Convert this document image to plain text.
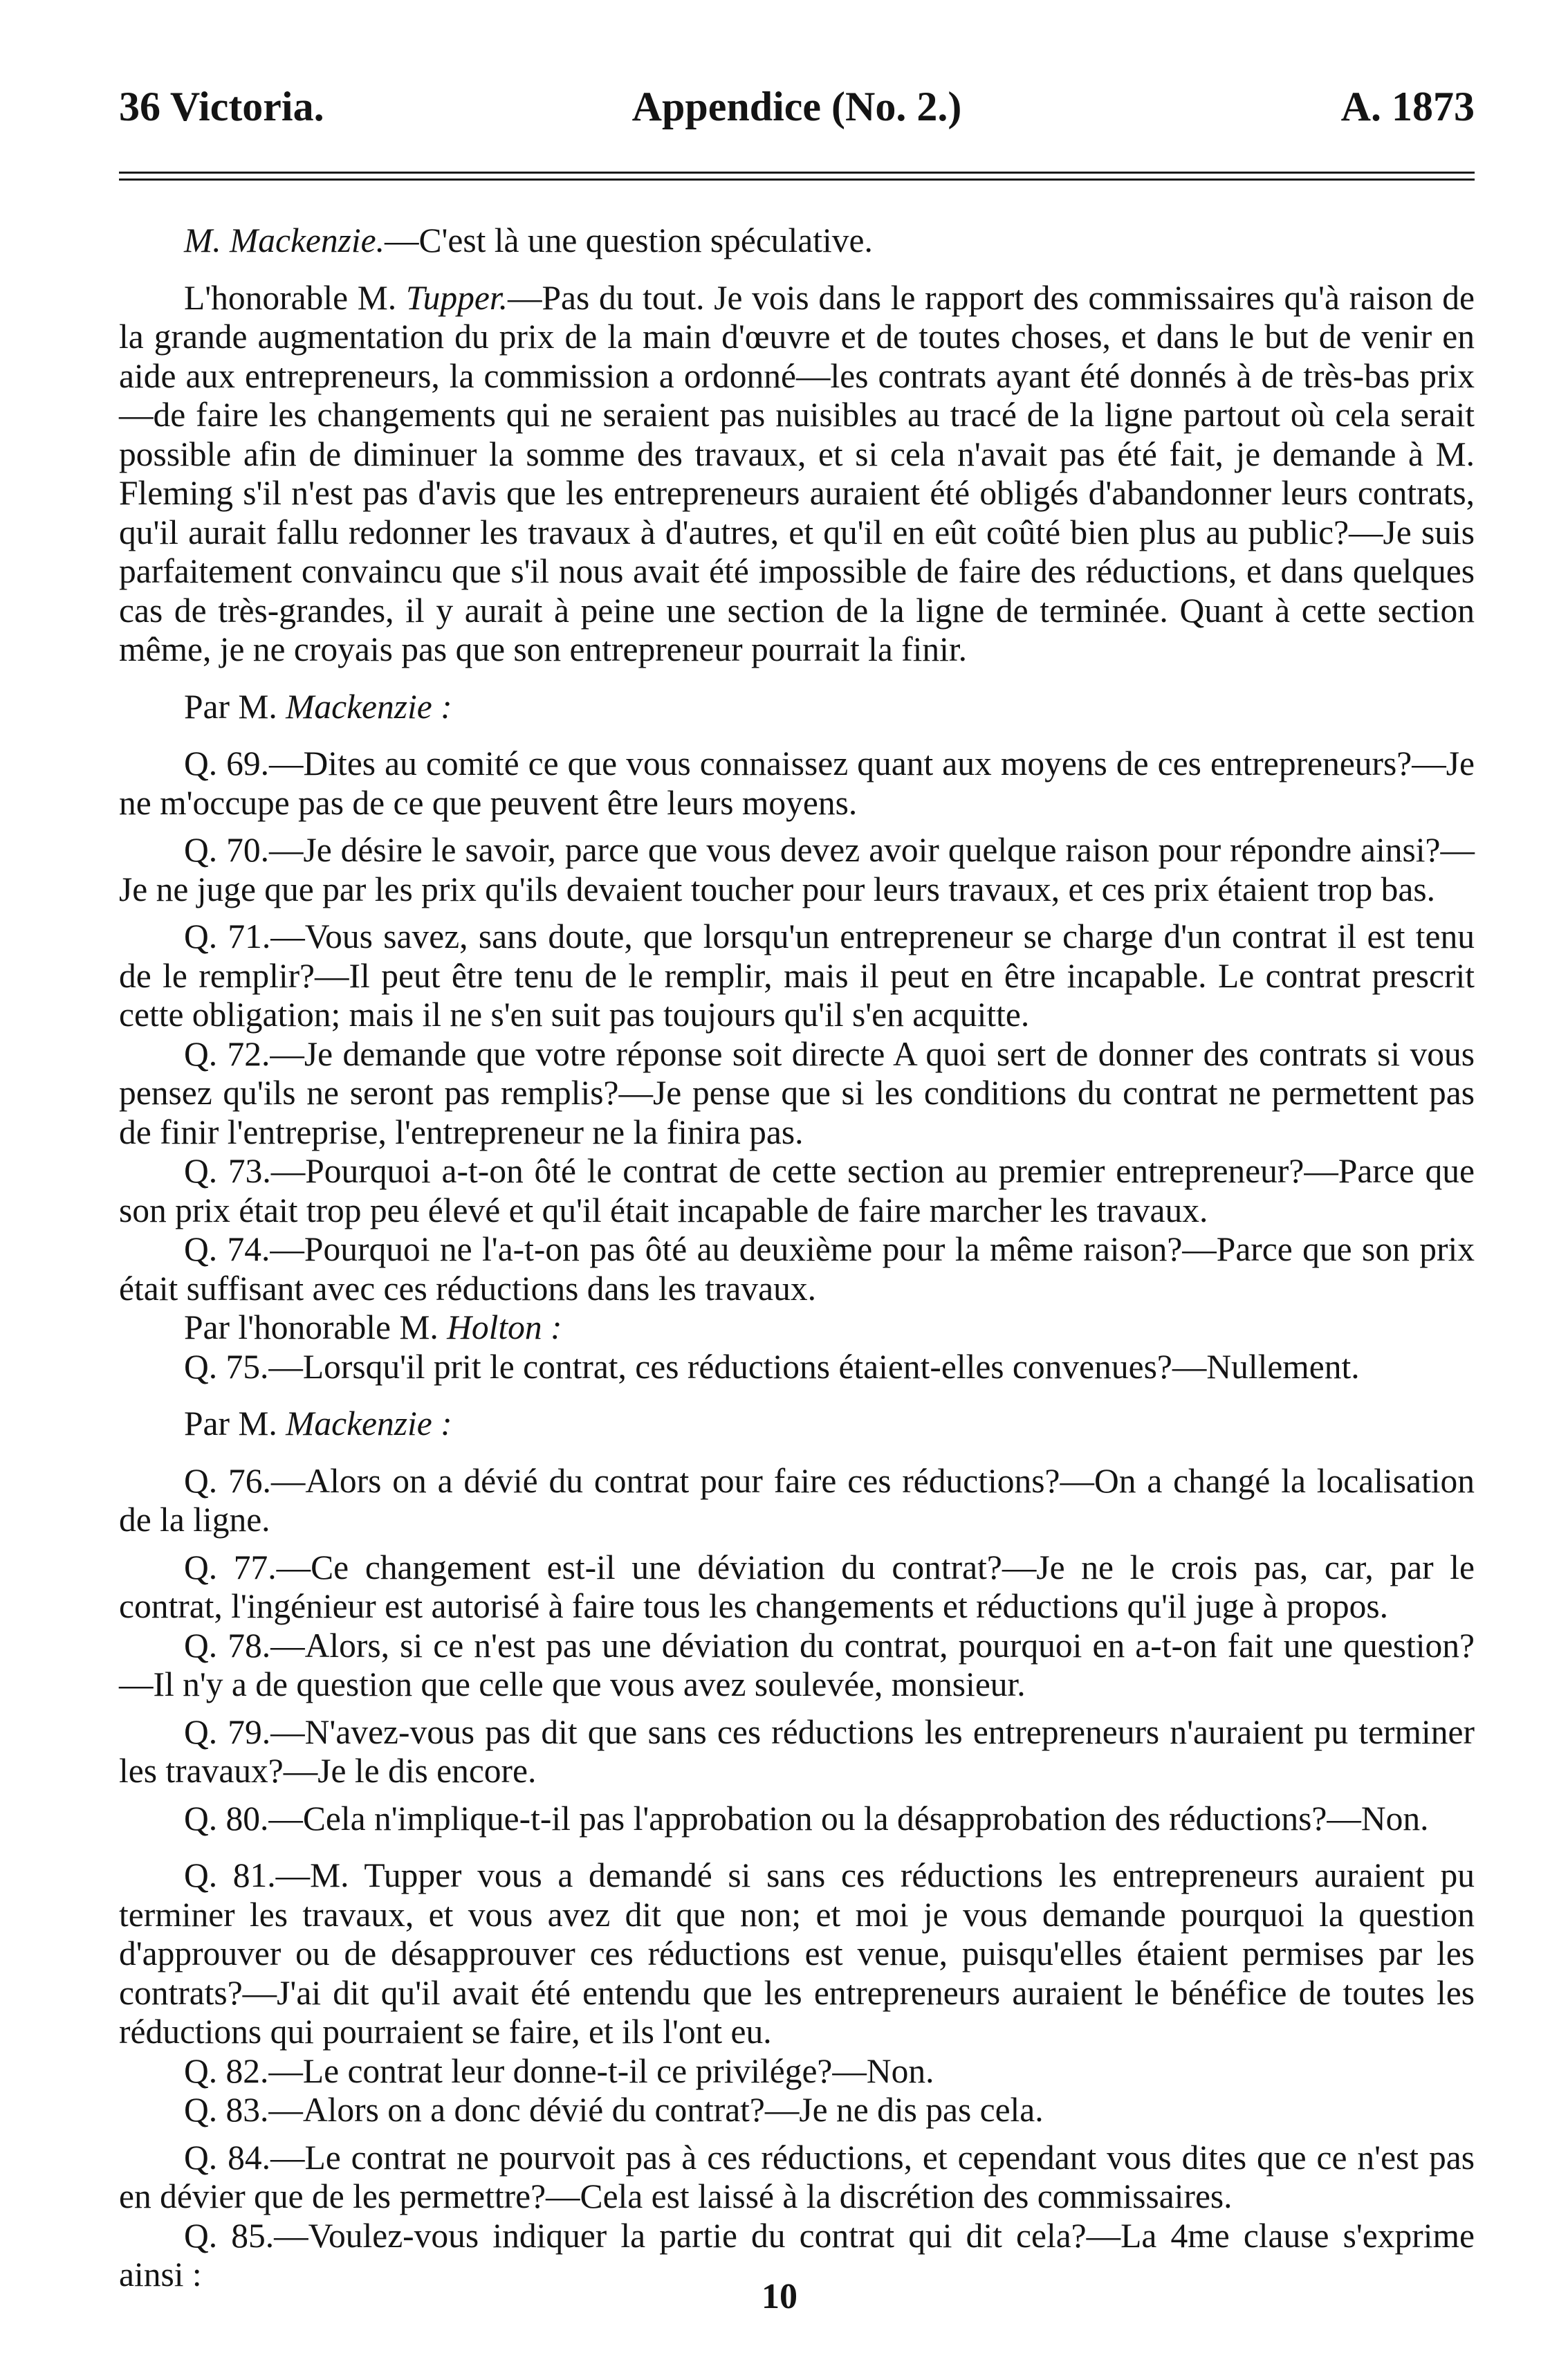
36 Victoria.	Appendice (No. 2.)	A. 1873

M. Mackenzie.—C'est là une question spéculative.

L'honorable M. Tupper.—Pas du tout. Je vois dans le rapport des commissaires qu'à raison de la grande augmentation du prix de la main d'œuvre et de toutes choses, et dans le but de venir en aide aux entrepreneurs, la commission a ordonné—les contrats ayant été donnés à de très-bas prix—de faire les changements qui ne seraient pas nuisibles au tracé de la ligne partout où cela serait possible afin de diminuer la somme des travaux, et si cela n'avait pas été fait, je demande à M. Fleming s'il n'est pas d'avis que les entrepreneurs auraient été obligés d'abandonner leurs contrats, qu'il aurait fallu redonner les travaux à d'autres, et qu'il en eût coûté bien plus au public?—Je suis parfaitement convaincu que s'il nous avait été impossible de faire des réductions, et dans quelques cas de très-grandes, il y aurait à peine une section de la ligne de terminée. Quant à cette section même, je ne croyais pas que son entrepreneur pourrait la finir.

Par M. Mackenzie :

Q. 69.—Dites au comité ce que vous connaissez quant aux moyens de ces entrepreneurs?—Je ne m'occupe pas de ce que peuvent être leurs moyens.

Q. 70.—Je désire le savoir, parce que vous devez avoir quelque raison pour répondre ainsi?—Je ne juge que par les prix qu'ils devaient toucher pour leurs travaux, et ces prix étaient trop bas.

Q. 71.—Vous savez, sans doute, que lorsqu'un entrepreneur se charge d'un contrat il est tenu de le remplir?—Il peut être tenu de le remplir, mais il peut en être incapable. Le contrat prescrit cette obligation; mais il ne s'en suit pas toujours qu'il s'en acquitte.

Q. 72.—Je demande que votre réponse soit directe A quoi sert de donner des contrats si vous pensez qu'ils ne seront pas remplis?—Je pense que si les conditions du contrat ne permettent pas de finir l'entreprise, l'entrepreneur ne la finira pas.

Q. 73.—Pourquoi a-t-on ôté le contrat de cette section au premier entrepreneur?—Parce que son prix était trop peu élevé et qu'il était incapable de faire marcher les travaux.

Q. 74.—Pourquoi ne l'a-t-on pas ôté au deuxième pour la même raison?—Parce que son prix était suffisant avec ces réductions dans les travaux.

Par l'honorable M. Holton :

Q. 75.—Lorsqu'il prit le contrat, ces réductions étaient-elles convenues?—Nullement.

Par M. Mackenzie :

Q. 76.—Alors on a dévié du contrat pour faire ces réductions?—On a changé la localisation de la ligne.

Q. 77.—Ce changement est-il une déviation du contrat?—Je ne le crois pas, car, par le contrat, l'ingénieur est autorisé à faire tous les changements et réductions qu'il juge à propos.

Q. 78.—Alors, si ce n'est pas une déviation du contrat, pourquoi en a-t-on fait une question?—Il n'y a de question que celle que vous avez soulevée, monsieur.

Q. 79.—N'avez-vous pas dit que sans ces réductions les entrepreneurs n'auraient pu terminer les travaux?—Je le dis encore.

Q. 80.—Cela n'implique-t-il pas l'approbation ou la désapprobation des réductions?—Non.

Q. 81.—M. Tupper vous a demandé si sans ces réductions les entrepreneurs auraient pu terminer les travaux, et vous avez dit que non; et moi je vous demande pourquoi la question d'approuver ou de désapprouver ces réductions est venue, puisqu'elles étaient permises par les contrats?—J'ai dit qu'il avait été entendu que les entrepreneurs auraient le bénéfice de toutes les réductions qui pourraient se faire, et ils l'ont eu.

Q. 82.—Le contrat leur donne-t-il ce privilége?—Non.

Q. 83.—Alors on a donc dévié du contrat?—Je ne dis pas cela.

Q. 84.—Le contrat ne pourvoit pas à ces réductions, et cependant vous dites que ce n'est pas en dévier que de les permettre?—Cela est laissé à la discrétion des commissaires.

Q. 85.—Voulez-vous indiquer la partie du contrat qui dit cela?—La 4me clause s'exprime ainsi :

10
